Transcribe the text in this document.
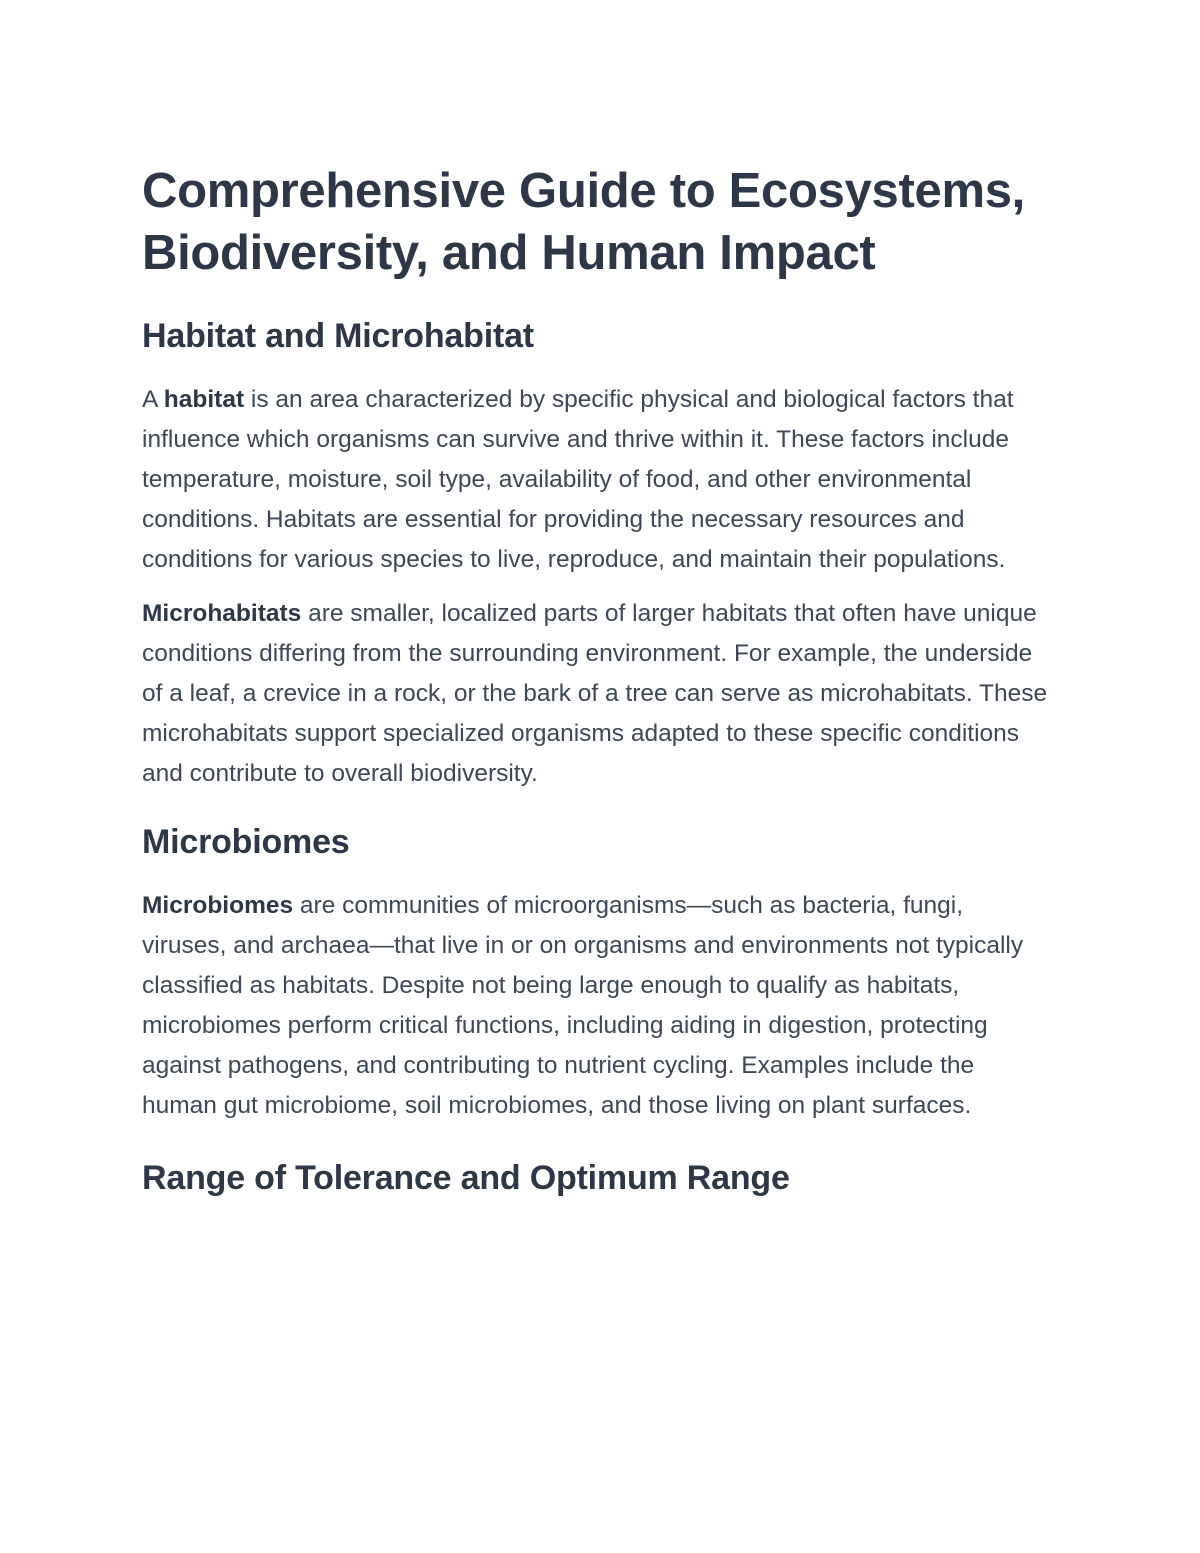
Comprehensive Guide to Ecosystems, Biodiversity, and Human Impact
Habitat and Microhabitat

A habitat is an area characterized by specific physical and biological factors that influence which organisms can survive and thrive within it. These factors include temperature, moisture, soil type, availability of food, and other environmental conditions. Habitats are essential for providing the necessary resources and conditions for various species to live, reproduce, and maintain their populations.

Microhabitats are smaller, localized parts of larger habitats that often have unique conditions differing from the surrounding environment. For example, the underside of a leaf, a crevice in a rock, or the bark of a tree can serve as microhabitats. These microhabitats support specialized organisms adapted to these specific conditions and contribute to overall biodiversity.

Microbiomes

Microbiomes are communities of microorganisms—such as bacteria, fungi, viruses, and archaea—that live in or on organisms and environments not typically classified as habitats. Despite not being large enough to qualify as habitats, microbiomes perform critical functions, including aiding in digestion, protecting against pathogens, and contributing to nutrient cycling. Examples include the human gut microbiome, soil microbiomes, and those living on plant surfaces.

Range of Tolerance and Optimum Range
